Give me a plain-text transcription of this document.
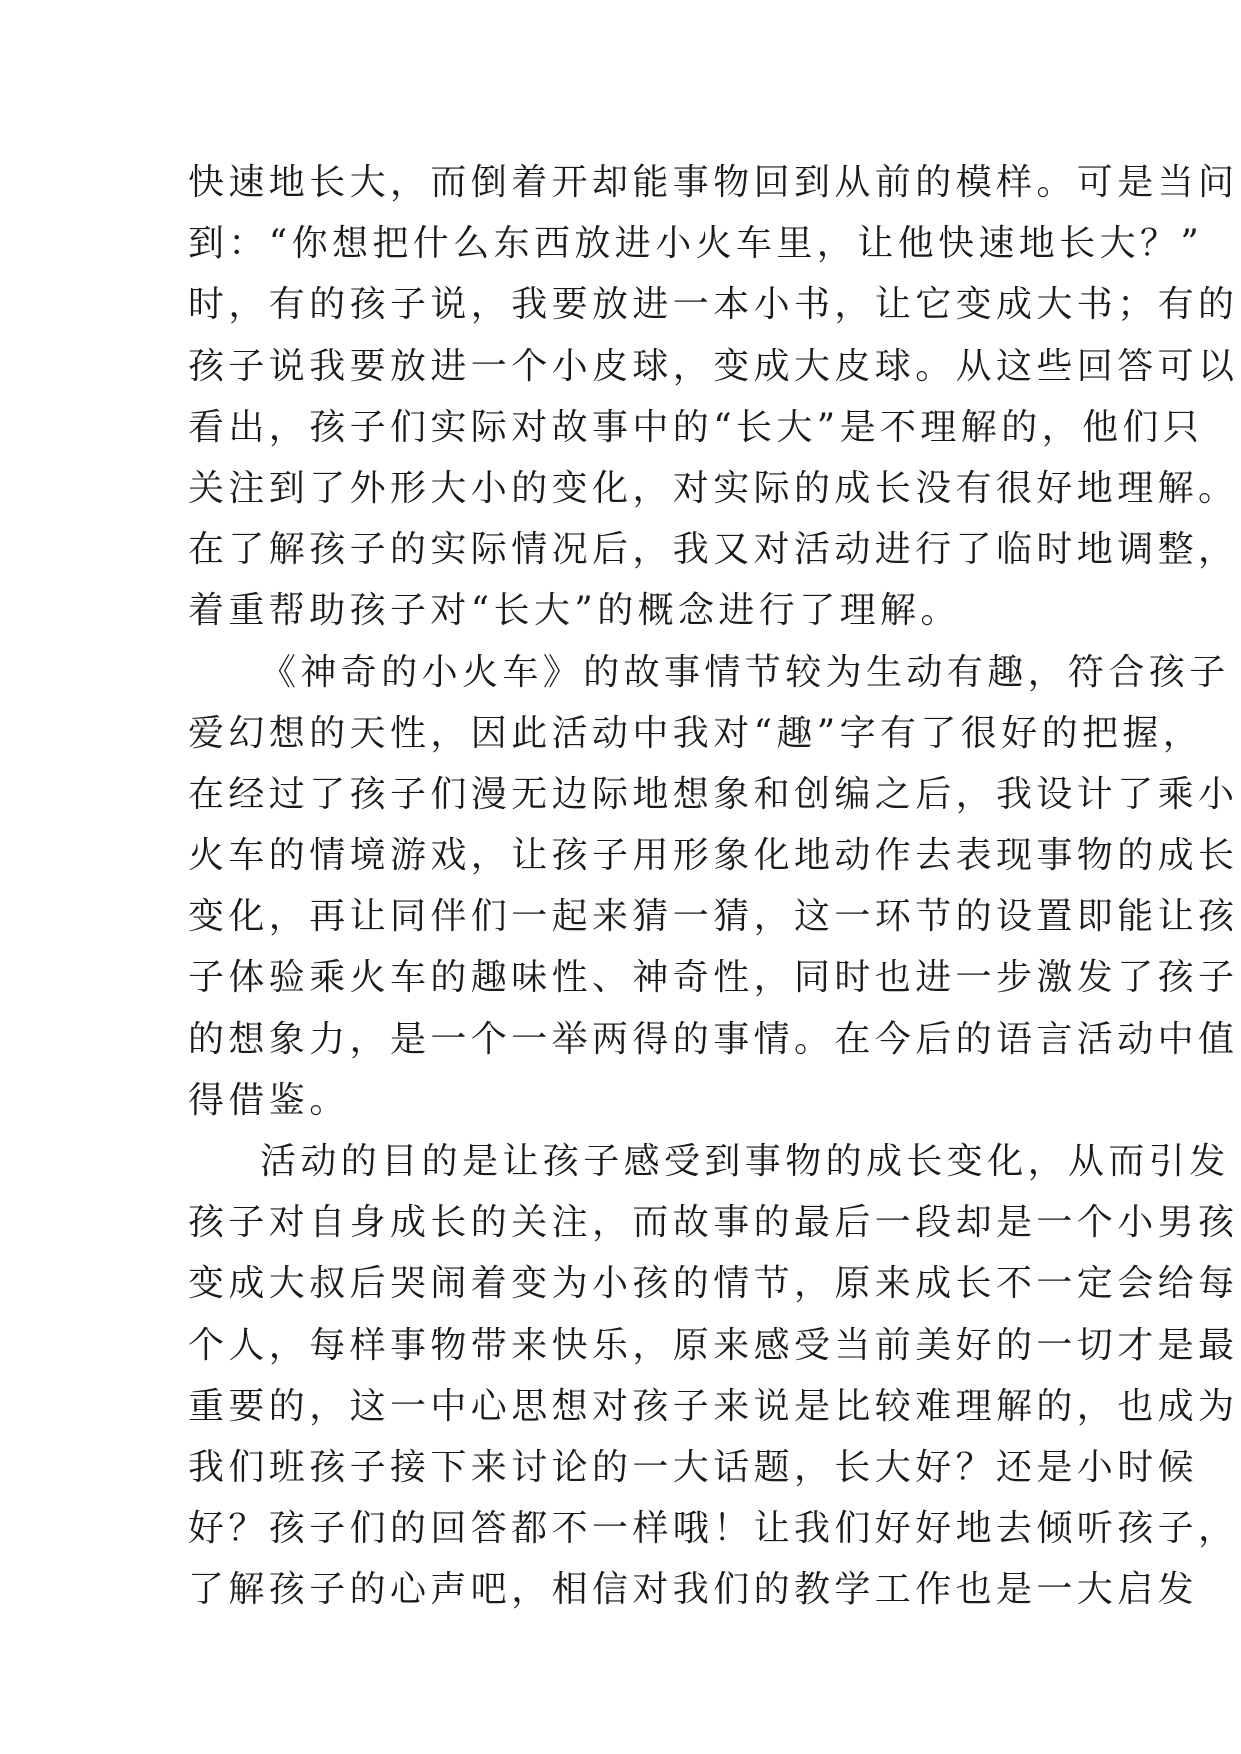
快速地长大，而倒着开却能事物回到从前的模样。可是当问
到：“你想把什么东西放进小火车里，让他快速地长大？”
时，有的孩子说，我要放进一本小书，让它变成大书；有的
孩子说我要放进一个小皮球，变成大皮球。从这些回答可以
看出，孩子们实际对故事中的“长大”是不理解的，他们只
关注到了外形大小的变化，对实际的成长没有很好地理解。
在了解孩子的实际情况后，我又对活动进行了临时地调整，
着重帮助孩子对“长大”的概念进行了理解。
《神奇的小火车》的故事情节较为生动有趣，符合孩子
爱幻想的天性，因此活动中我对“趣”字有了很好的把握，
在经过了孩子们漫无边际地想象和创编之后，我设计了乘小
火车的情境游戏，让孩子用形象化地动作去表现事物的成长
变化，再让同伴们一起来猜一猜，这一环节的设置即能让孩
子体验乘火车的趣味性、神奇性，同时也进一步激发了孩子
的想象力，是一个一举两得的事情。在今后的语言活动中值
得借鉴。
活动的目的是让孩子感受到事物的成长变化，从而引发
孩子对自身成长的关注，而故事的最后一段却是一个小男孩
变成大叔后哭闹着变为小孩的情节，原来成长不一定会给每
个人，每样事物带来快乐，原来感受当前美好的一切才是最
重要的，这一中心思想对孩子来说是比较难理解的，也成为
我们班孩子接下来讨论的一大话题，长大好？还是小时候
好？孩子们的回答都不一样哦！让我们好好地去倾听孩子，
了解孩子的心声吧，相信对我们的教学工作也是一大启发
